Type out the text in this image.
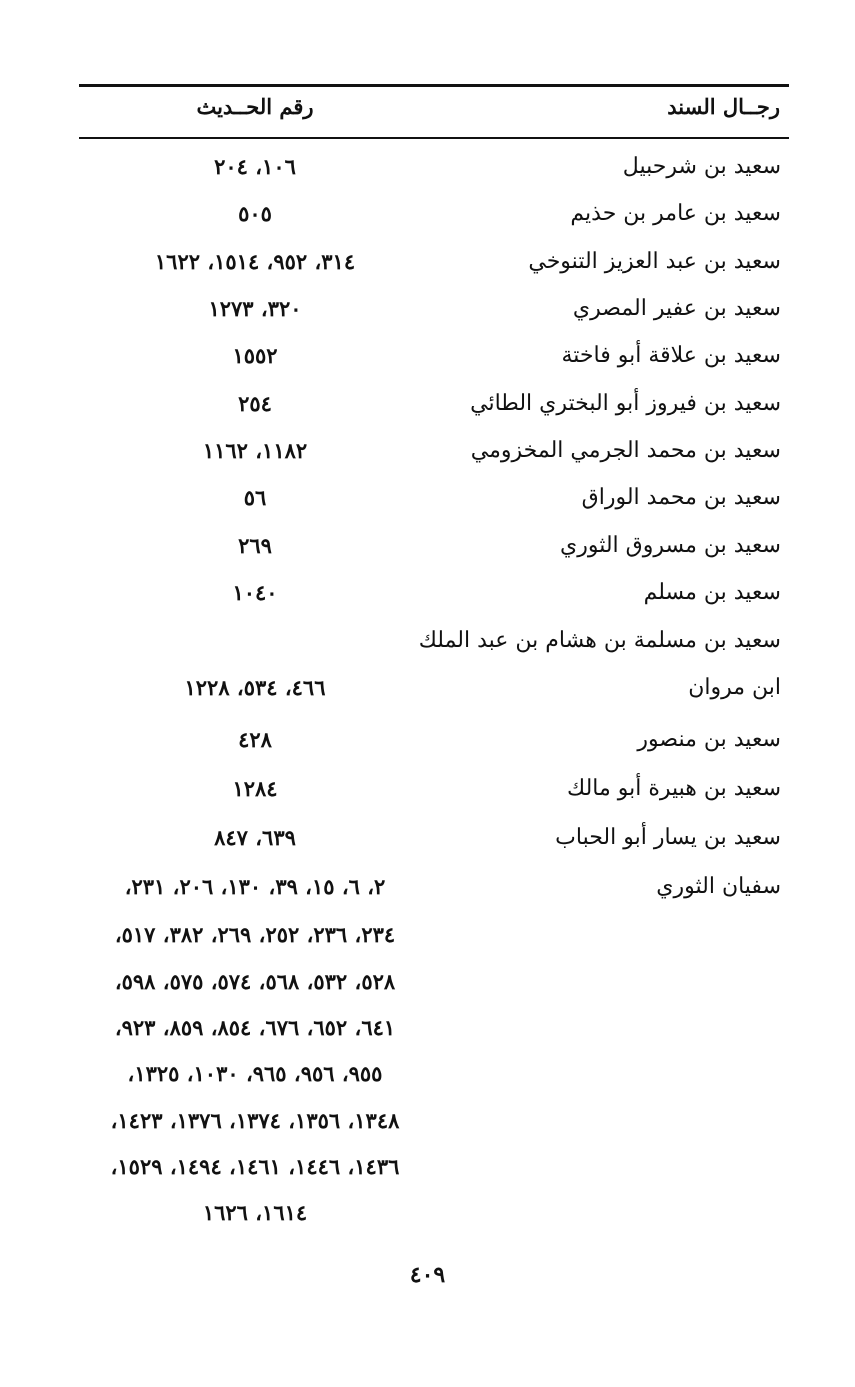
رجــال السند
رقم الحــديث
سعيد بن شرحبيل
١٠٦، ٢٠٤
سعيد بن عامر بن حذيم
٥٠٥
سعيد بن عبد العزيز التنوخي
٣١٤، ٩٥٢، ١٥١٤، ١٦٢٢
سعيد بن عفير المصري
٣٢٠، ١٢٧٣
سعيد بن علاقة أبو فاختة
١٥٥٢
سعيد بن فيروز أبو البختري الطائي
٢٥٤
سعيد بن محمد الجرمي المخزومي
١١٨٢، ١١٦٢
سعيد بن محمد الوراق
٥٦
سعيد بن مسروق الثوري
٢٦٩
سعيد بن مسلم
١٠٤٠
سعيد بن مسلمة بن هشام بن عبد الملك
ابن مروان
٤٦٦، ٥٣٤، ١٢٢٨
سعيد بن منصور
٤٢٨
سعيد بن هبيرة أبو مالك
١٢٨٤
سعيد بن يسار أبو الحباب
٦٣٩، ٨٤٧
سفيان الثوري
٢، ٦، ١٥، ٣٩، ١٣٠، ٢٠٦، ٢٣١،
٢٣٤، ٢٣٦، ٢٥٢، ٢٦٩، ٣٨٢، ٥١٧،
٥٢٨، ٥٣٢، ٥٦٨، ٥٧٤، ٥٧٥، ٥٩٨،
٦٤١، ٦٥٢، ٦٧٦، ٨٥٤، ٨٥٩، ٩٢٣،
٩٥٥، ٩٥٦، ٩٦٥، ١٠٣٠، ١٣٢٥،
١٣٤٨، ١٣٥٦، ١٣٧٤، ١٣٧٦، ١٤٢٣،
١٤٣٦، ١٤٤٦، ١٤٦١، ١٤٩٤، ١٥٢٩،
١٦١٤، ١٦٢٦
٤٠٩
